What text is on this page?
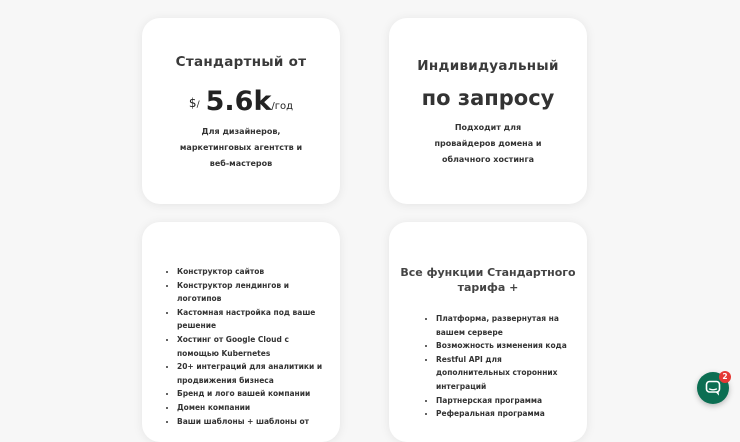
Стандартный от
$/ 5.6k/год
Для дизайнеров, маркетинговых агентств и веб-мастеров
Индивидуальный
по запросу
Подходит для провайдеров домена и облачного хостинга
• Конструктор сайтов
• Конструктор лендингов и логотипов
• Кастомная настройка под ваше решение
• Хостинг от Google Cloud с помощью Kubernetes
• 20+ интеграций для аналитики и продвижения бизнеса
• Бренд и лого вашей компании
• Домен компании
• Ваши шаблоны + шаблоны от
Все функции Стандартного тарифа +
• Платформа, развернутая на вашем сервере
• Возможность изменения кода
• Restful API для дополнительных сторонних интеграций
• Партнерская программа
• Реферальная программа
2
